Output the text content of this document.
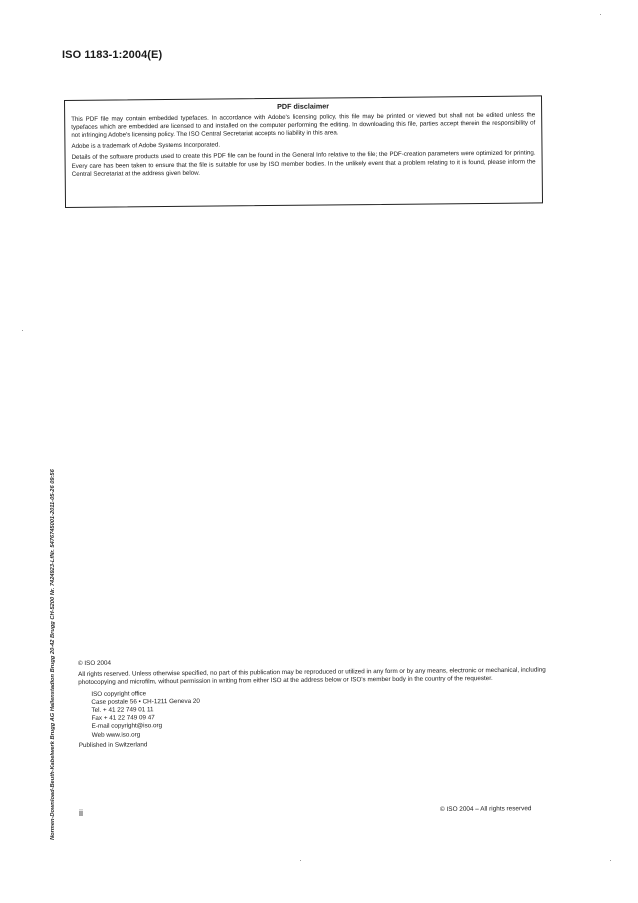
ISO 1183-1:2004(E)
PDF disclaimer

This PDF file may contain embedded typefaces. In accordance with Adobe's licensing policy, this file may be printed or viewed but shall not be edited unless the typefaces which are embedded are licensed to and installed on the computer performing the editing. In downloading this file, parties accept therein the responsibility of not infringing Adobe's licensing policy. The ISO Central Secretariat accepts no liability in this area.

Adobe is a trademark of Adobe Systems Incorporated.

Details of the software products used to create this PDF file can be found in the General Info relative to the file; the PDF-creation parameters were optimized for printing. Every care has been taken to ensure that the file is suitable for use by ISO member bodies. In the unlikely event that a problem relating to it is found, please inform the Central Secretariat at the address given below.

Normen-Download-Beuth-Kabelwerk Brugg AG Hallenstadion Brugg 20-42 Brugg CH-5200 Nr. 7424923-LfNr. 5476745001-2011-05-26 09:56	© ISO 2004

All rights reserved. Unless otherwise specified, no part of this publication may be reproduced or utilized in any form or by any means, electronic or mechanical, including photocopying and microfilm, without permission in writing from either ISO at the address below or ISO's member body in the country of the requester.

ISO copyright office
Case postale 56 • CH-1211 Geneva 20
Tel. + 41 22 749 01 11
Fax + 41 22 749 09 47
E-mail copyright@iso.org
Web www.iso.org
Published in Switzerland
ii	© ISO 2004 – All rights reserved
